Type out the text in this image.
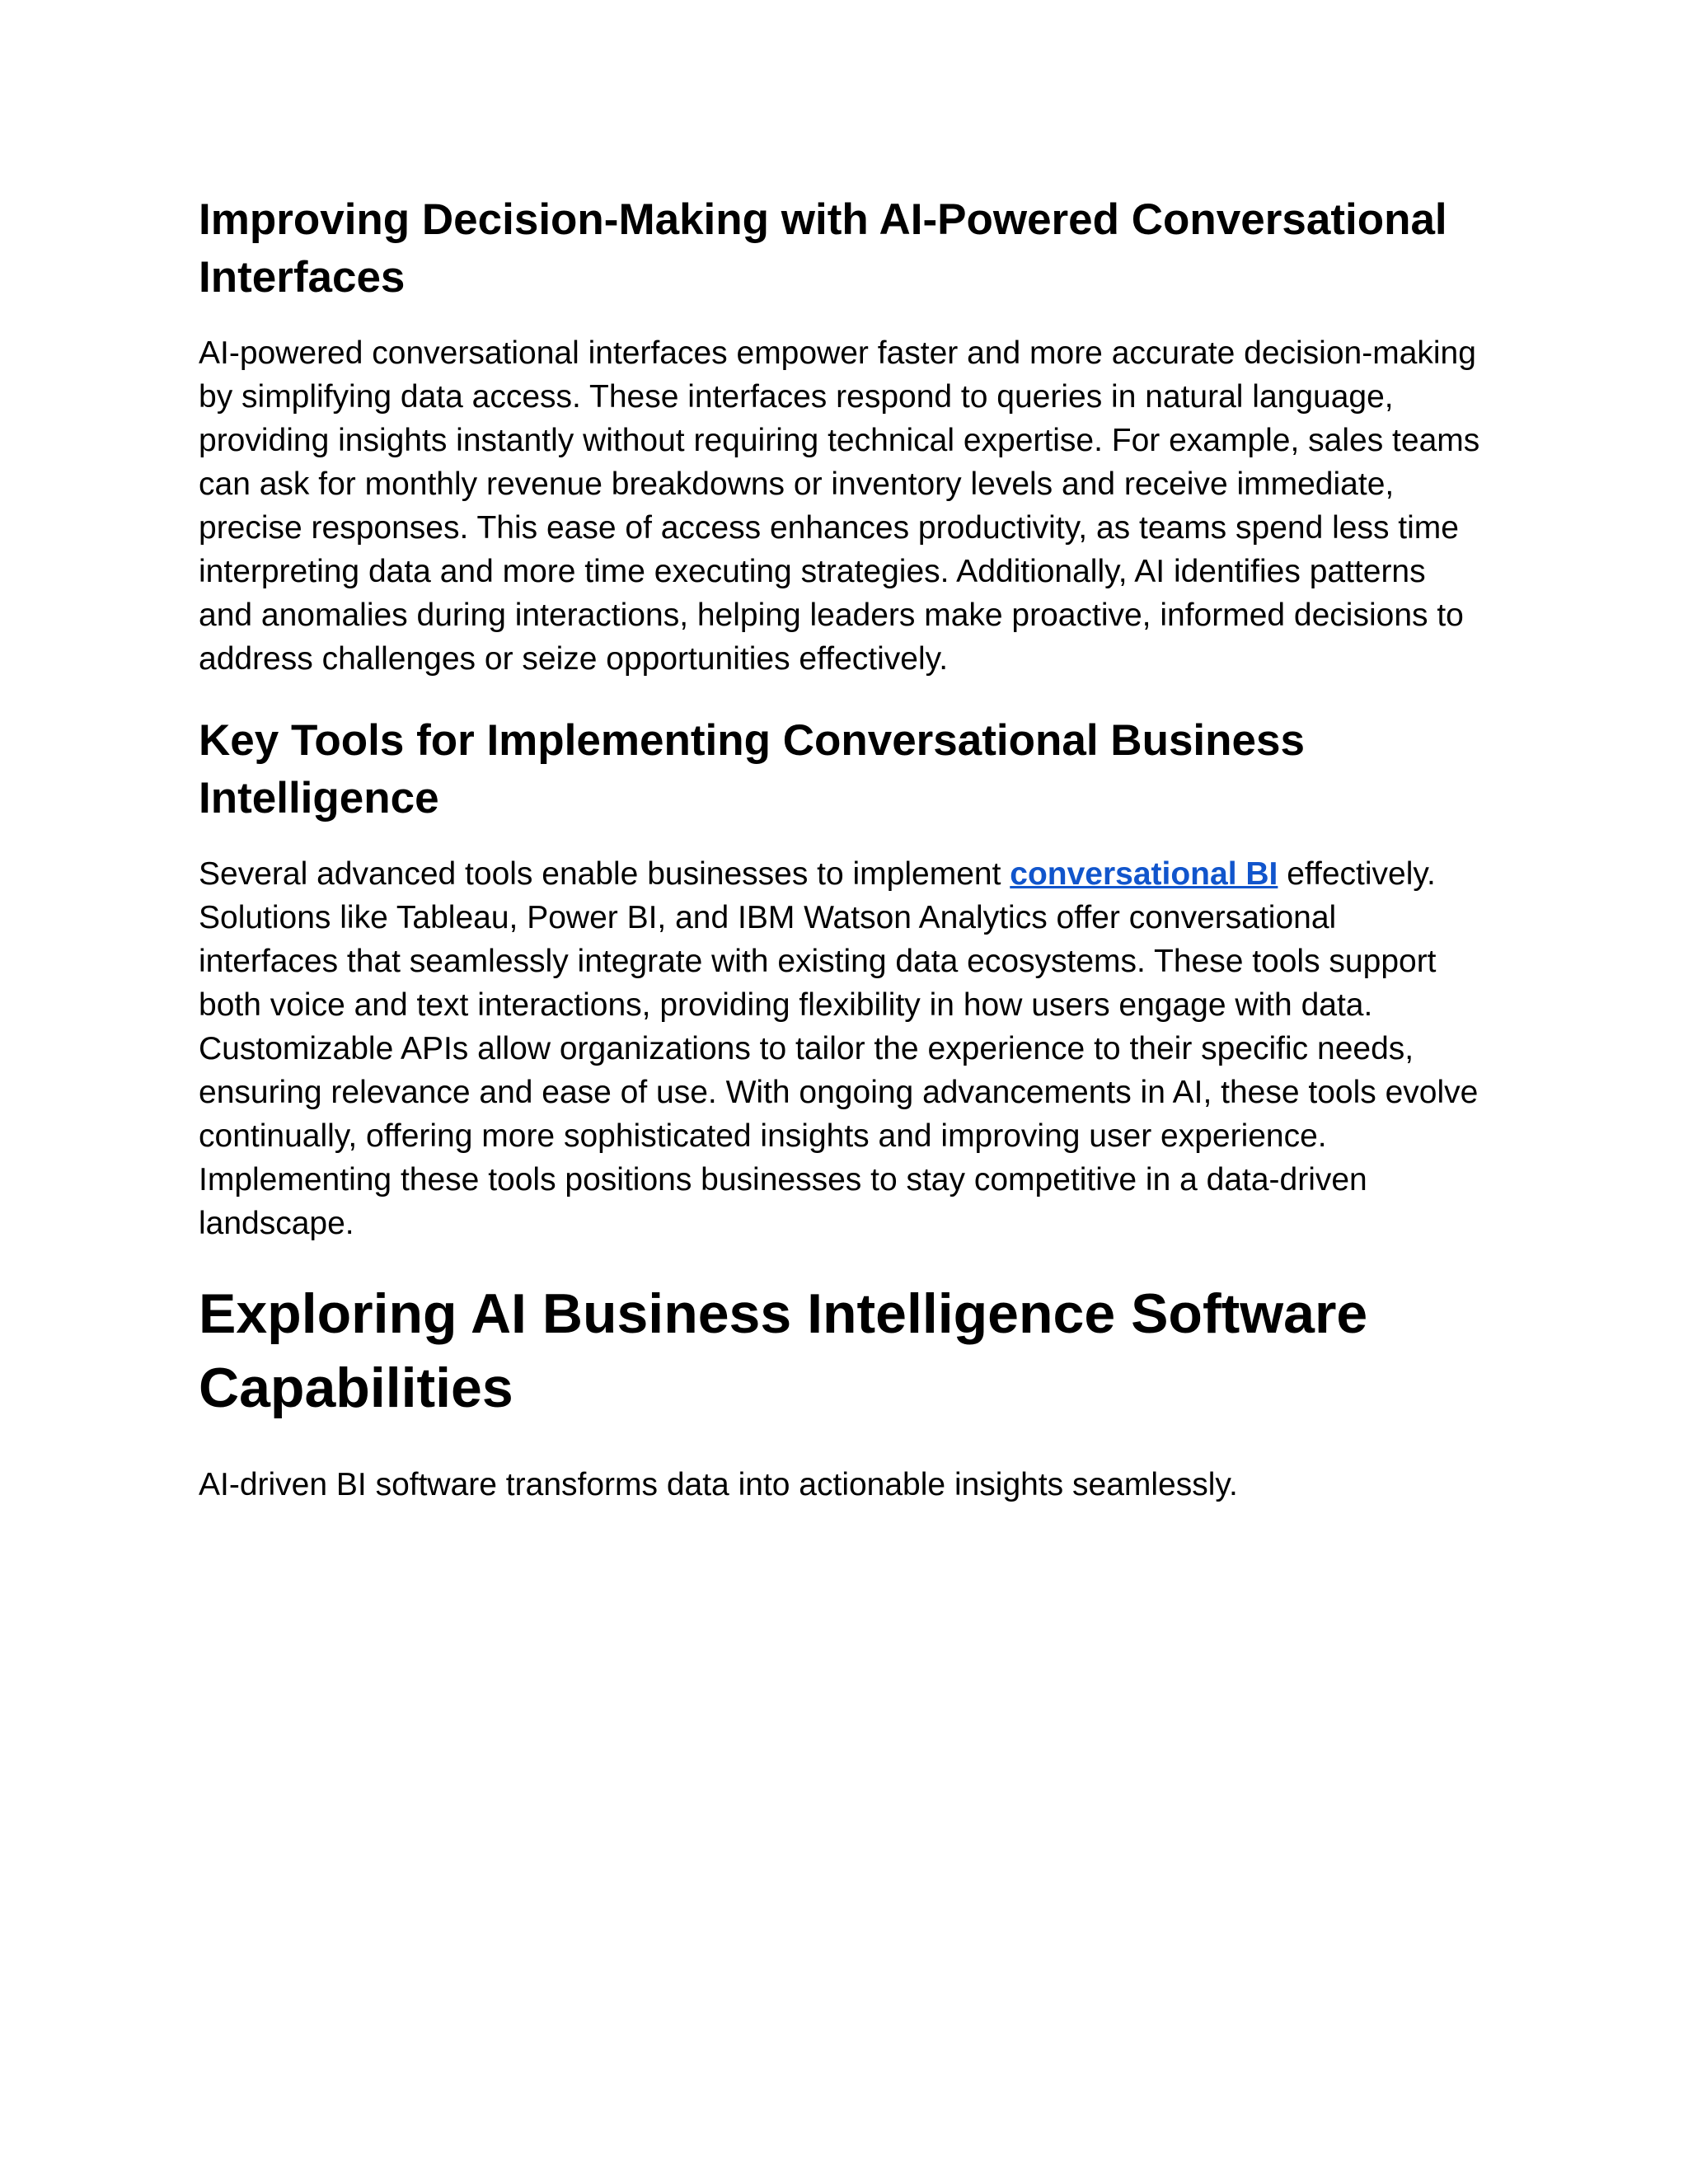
Improving Decision-Making with AI-Powered Conversational Interfaces

AI-powered conversational interfaces empower faster and more accurate decision-making by simplifying data access. These interfaces respond to queries in natural language, providing insights instantly without requiring technical expertise. For example, sales teams can ask for monthly revenue breakdowns or inventory levels and receive immediate, precise responses. This ease of access enhances productivity, as teams spend less time interpreting data and more time executing strategies. Additionally, AI identifies patterns and anomalies during interactions, helping leaders make proactive, informed decisions to address challenges or seize opportunities effectively.

Key Tools for Implementing Conversational Business Intelligence

Several advanced tools enable businesses to implement conversational BI effectively. Solutions like Tableau, Power BI, and IBM Watson Analytics offer conversational interfaces that seamlessly integrate with existing data ecosystems. These tools support both voice and text interactions, providing flexibility in how users engage with data. Customizable APIs allow organizations to tailor the experience to their specific needs, ensuring relevance and ease of use. With ongoing advancements in AI, these tools evolve continually, offering more sophisticated insights and improving user experience. Implementing these tools positions businesses to stay competitive in a data-driven landscape.

Exploring AI Business Intelligence Software Capabilities

AI-driven BI software transforms data into actionable insights seamlessly.
